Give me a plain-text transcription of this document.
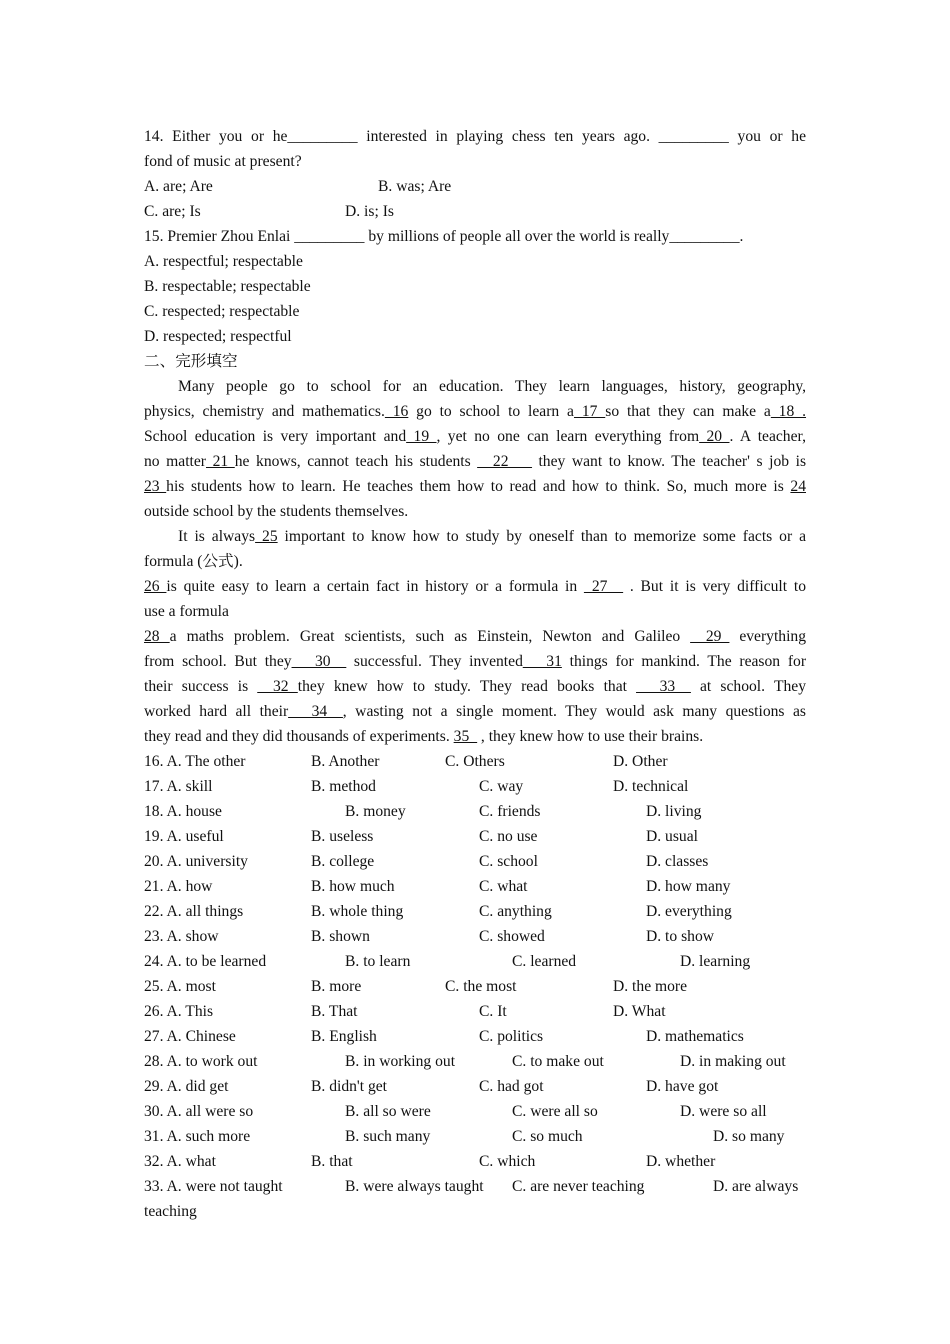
14. Either you or he_________ interested in playing chess ten years ago. _________ you or he
fond of music at present?
A. are; Are	B. was; Are
C. are; Is	D. is; Is
15. Premier Zhou Enlai _________ by millions of people all over the world is really_________.
A. respectful; respectable
B. respectable; respectable
C. respected; respectable
D. respected; respectful
二、完形填空
Many people go to school for an education. They learn languages, history, geography,
physics, chemistry and mathematics. 16 go to school to learn a 17 so that they can make a 18 .
School education is very important and 19 , yet no one can learn everything from 20 . A teacher,
no matter 21 he knows, cannot teach his students __22___ they want to know. The teacher' s job is
23 his students how to learn. He teaches them how to read and how to think. So, much more is 24
outside school by the students themselves.
It is always 25 important to know how to study by oneself than to memorize some facts or a
formula (公式).
26 is quite easy to learn a certain fact in history or a formula in _27__ . But it is very difficult to
use a formula
28 a maths problem. Great scientists, such as Einstein, Newton and Galileo __29_ everything
from school. But they___30__ successful. They invented___31 things for mankind. The reason for
their success is __32 they knew how to study. They read books that ___33__ at school. They
worked hard all their___34__, wasting not a single moment. They would ask many questions as
they read and they did thousands of experiments. 35_ , they knew how to use their brains.
16. A. The other	B. Another	C. Others	D. Other
17. A. skill	B. method	C. way	D. technical
18. A. house	B. money	C. friends	D. living
19. A. useful	B. useless	C. no use	D. usual
20. A. university	B. college	C. school	D. classes
21. A. how	B. how much	C. what	D. how many
22. A. all things	B. whole thing	C. anything	D. everything
23. A. show	B. shown	C. showed	D. to show
24. A. to be learned	B. to learn	C. learned	D. learning
25. A. most	B. more	C. the most	D. the more
26. A. This	B. That	C. It	D. What
27. A. Chinese	B. English	C. politics	D. mathematics
28. A. to work out	B. in working out	C. to make out	D. in making out
29. A. did get	B. didn't get	C. had got	D. have got
30. A. all were so	B. all so were	C. were all so	D. were so all
31. A. such more	B. such many	C. so much	D. so many
32. A. what	B. that	C. which	D. whether
33. A. were not taught	B. were always taught C. are never teaching	D. are always
teaching
